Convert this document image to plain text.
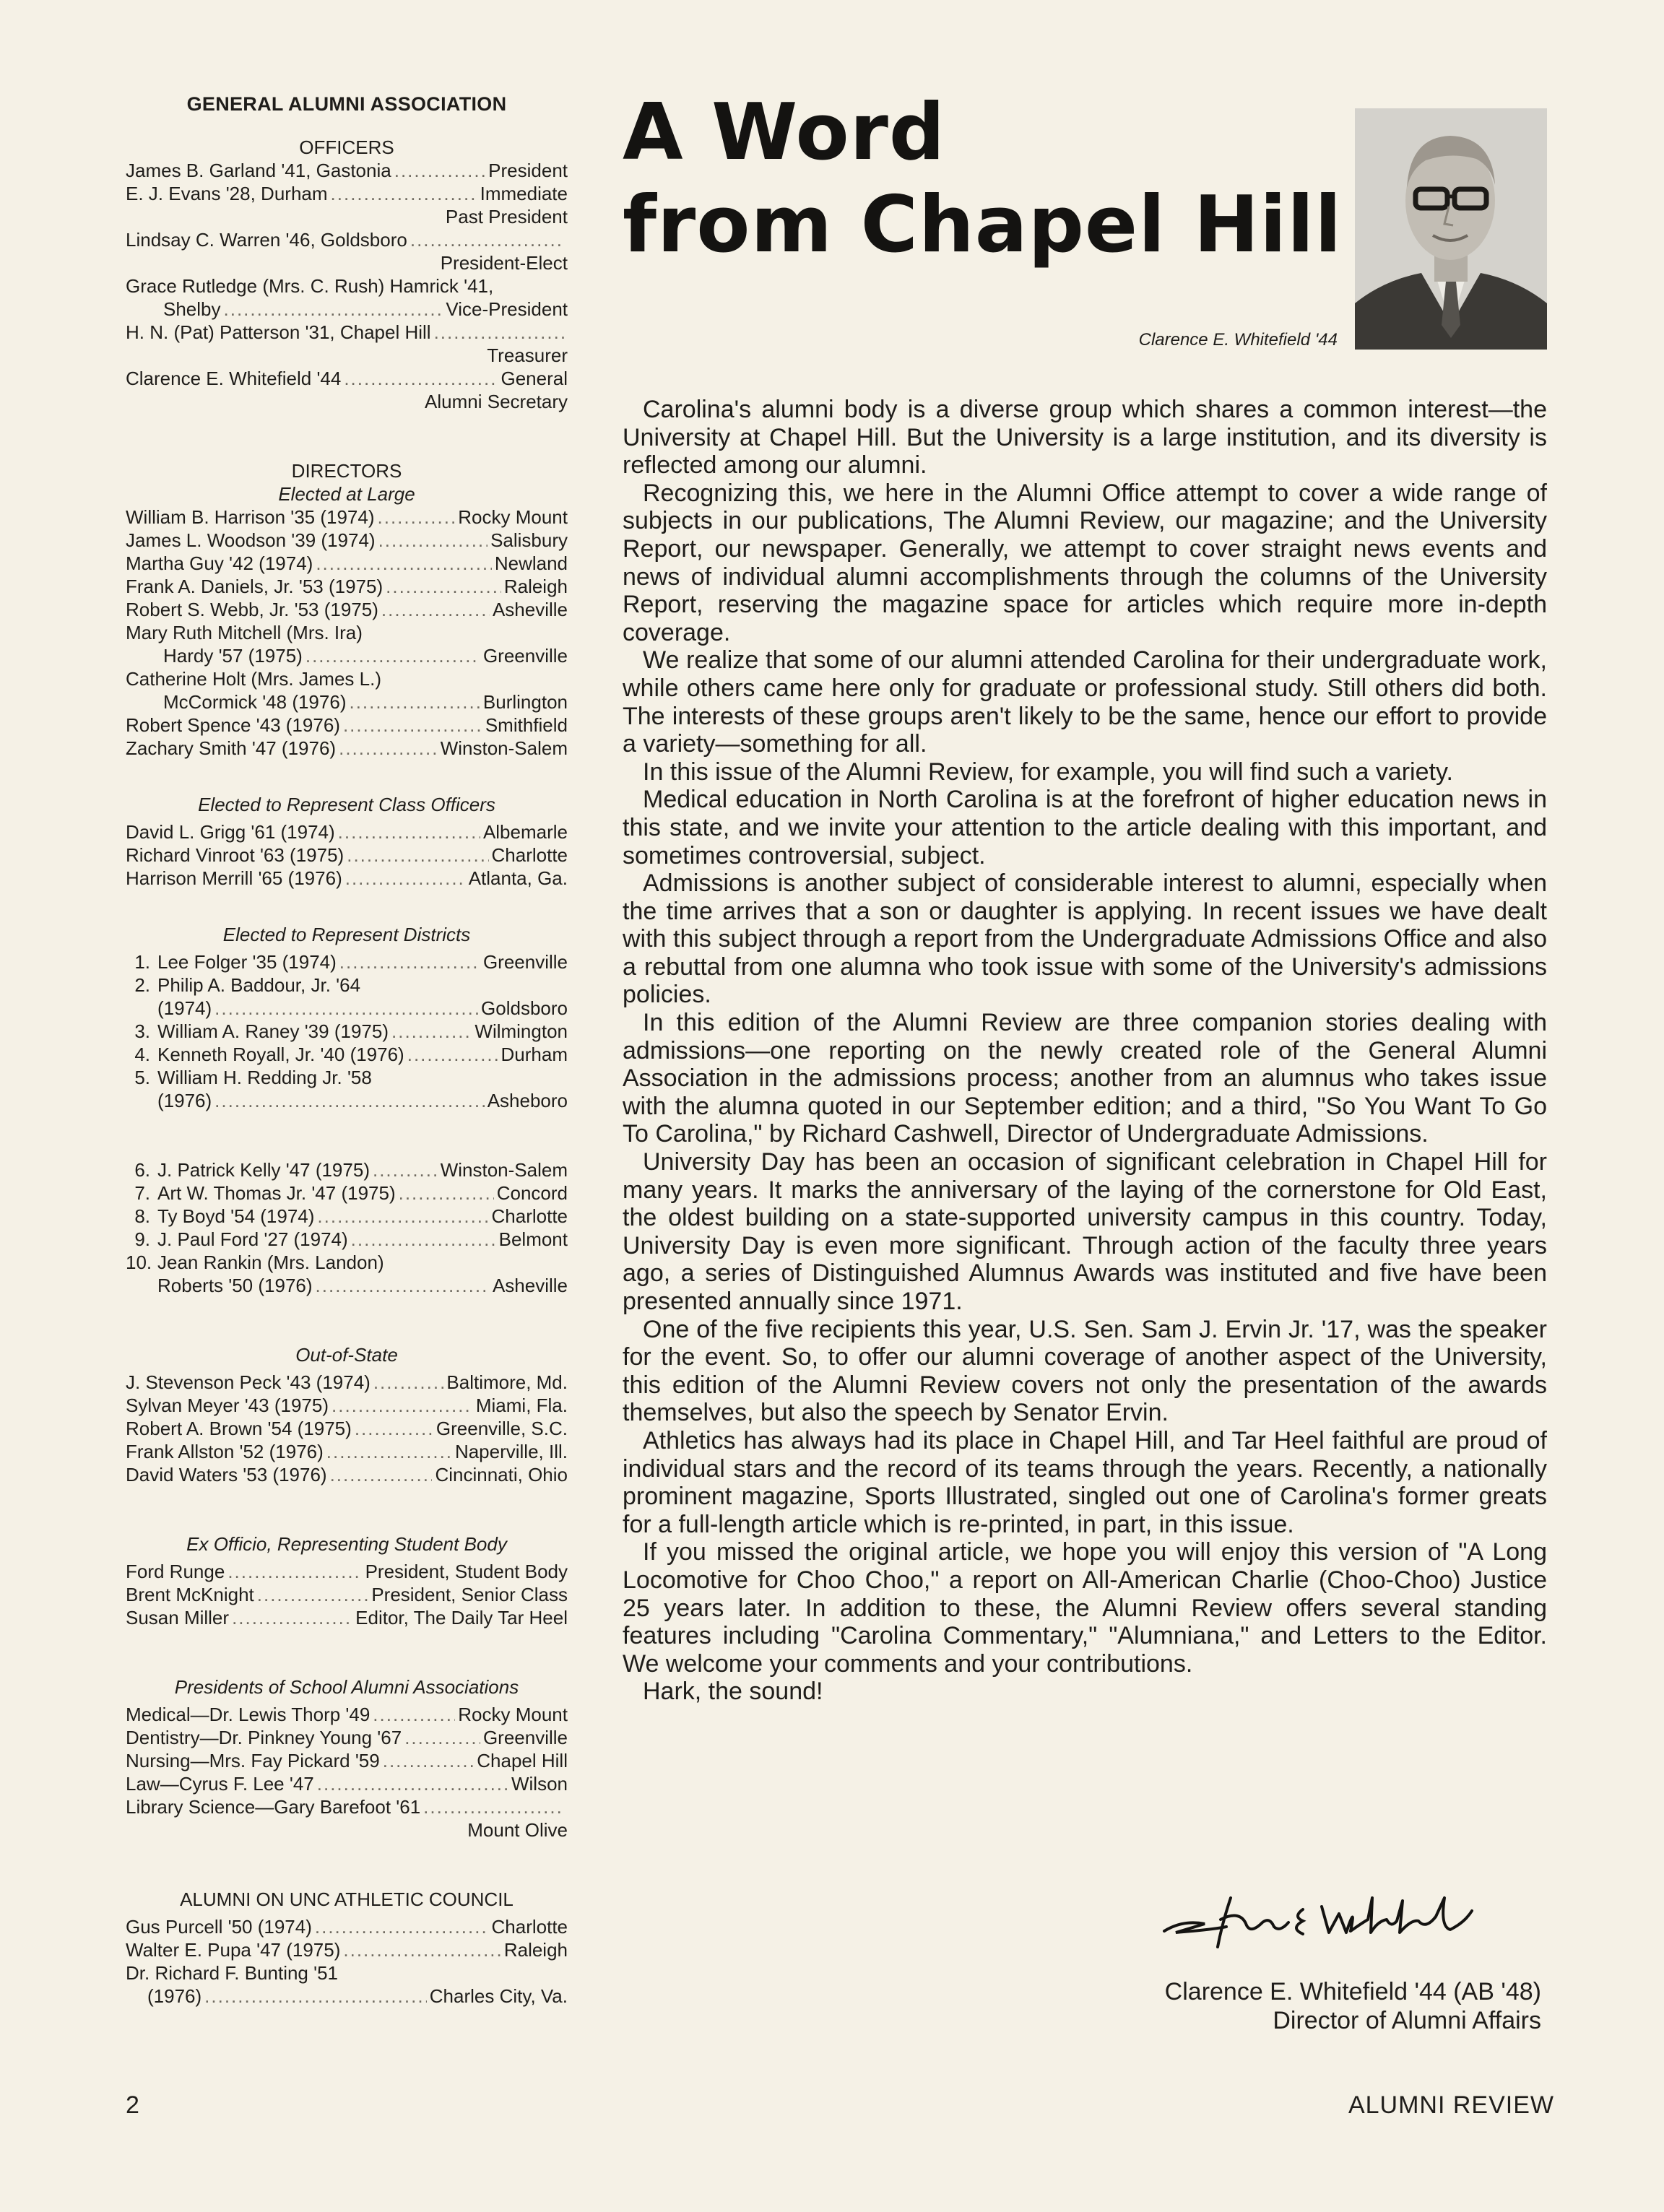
GENERAL ALUMNI ASSOCIATION
OFFICERS
James B. Garland '41, Gastonia .....	President
E. J. Evans '28, Durham .....	Immediate
Past President
Lindsay C. Warren '46, Goldsboro
.....
President-Elect
Grace Rutledge (Mrs. C. Rush) Hamrick '41,
Shelby .....	Vice-President
H. N. (Pat) Patterson '31, Chapel Hill
.....
Treasurer
Clarence E. Whitefield '44 .....	General
Alumni Secretary
DIRECTORS
Elected at Large
William B. Harrison '35 (1974) .....	Rocky Mount
James L. Woodson '39 (1974) .....	Salisbury
Martha Guy '42 (1974) .....	Newland
Frank A. Daniels, Jr. '53 (1975) .....	Raleigh
Robert S. Webb, Jr. '53 (1975) .....	Asheville
Mary Ruth Mitchell (Mrs. Ira)
Hardy '57 (1975) .....	Greenville
Catherine Holt (Mrs. James L.)
McCormick '48 (1976) .....	Burlington
Robert Spence '43 (1976) .....	Smithfield
Zachary Smith '47 (1976) .....	Winston-Salem
Elected to Represent Class Officers
David L. Grigg '61 (1974) .....	Albemarle
Richard Vinroot '63 (1975) .....	Charlotte
Harrison Merrill '65 (1976) .....	Atlanta, Ga.
Elected to Represent Districts
1. Lee Folger '35 (1974) .....	Greenville
2. Philip A. Baddour, Jr. '64
(1974) .....	Goldsboro
3. William A. Raney '39 (1975) .....	Wilmington
4. Kenneth Royall, Jr. '40 (1976) .....	Durham
5. William H. Redding Jr. '58
(1976) .....	Asheboro
6. J. Patrick Kelly '47 (1975) .....	Winston-Salem
7. Art W. Thomas Jr. '47 (1975) .....	Concord
8. Ty Boyd '54 (1974) .....	Charlotte
9. J. Paul Ford '27 (1974) .....	Belmont
10. Jean Rankin (Mrs. Landon)
Roberts '50 (1976) .....	Asheville
Out-of-State
J. Stevenson Peck '43 (1974) .....	Baltimore, Md.
Sylvan Meyer '43 (1975) .....	Miami, Fla.
Robert A. Brown '54 (1975) .....	Greenville, S.C.
Frank Allston '52 (1976) .....	Naperville, Ill.
David Waters '53 (1976) .....	Cincinnati, Ohio
Ex Officio, Representing Student Body
Ford Runge .....	President, Student Body
Brent McKnight .....	President, Senior Class
Susan Miller .....	Editor, The Daily Tar Heel
Presidents of School Alumni Associations
Medical—Dr. Lewis Thorp '49 .....	Rocky Mount
Dentistry—Dr. Pinkney Young '67 .....	Greenville
Nursing—Mrs. Fay Pickard '59 .....	Chapel Hill
Law—Cyrus F. Lee '47 .....	Wilson
Library Science—Gary Barefoot '61
.....
Mount Olive
ALUMNI ON UNC ATHLETIC COUNCIL
Gus Purcell '50 (1974) .....	Charlotte
Walter E. Pupa '47 (1975) .....	Raleigh
Dr. Richard F. Bunting '51
(1976) .....	Charles City, Va.
A Word
from Chapel Hill

Clarence E. Whitefield '44

Carolina's alumni body is a diverse group which shares a common interest—the University at Chapel Hill. But the University is a large institution, and its diversity is reflected among our alumni.

Recognizing this, we here in the Alumni Office attempt to cover a wide range of subjects in our publications, The Alumni Review, our magazine; and the University Report, our newspaper. Generally, we attempt to cover straight news events and news of individual alumni accomplishments through the columns of the University Report, reserving the magazine space for articles which require more in-depth coverage.

We realize that some of our alumni attended Carolina for their undergraduate work, while others came here only for graduate or professional study. Still others did both. The interests of these groups aren't likely to be the same, hence our effort to provide a variety—something for all.

In this issue of the Alumni Review, for example, you will find such a variety.

Medical education in North Carolina is at the forefront of higher education news in this state, and we invite your attention to the article dealing with this important, and sometimes controversial, subject.

Admissions is another subject of considerable interest to alumni, especially when the time arrives that a son or daughter is applying. In recent issues we have dealt with this subject through a report from the Undergraduate Admissions Office and also a rebuttal from one alumna who took issue with some of the University's admissions policies.

In this edition of the Alumni Review are three companion stories dealing with admissions—one reporting on the newly created role of the General Alumni Association in the admissions process; another from an alumnus who takes issue with the alumna quoted in our September edition; and a third, "So You Want To Go To Carolina," by Richard Cashwell, Director of Undergraduate Admissions.

University Day has been an occasion of significant celebration in Chapel Hill for many years. It marks the anniversary of the laying of the cornerstone for Old East, the oldest building on a state-supported university campus in this country. Today, University Day is even more significant. Through action of the faculty three years ago, a series of Distinguished Alumnus Awards was instituted and five have been presented annually since 1971.

One of the five recipients this year, U.S. Sen. Sam J. Ervin Jr. '17, was the speaker for the event. So, to offer our alumni coverage of another aspect of the University, this edition of the Alumni Review covers not only the presentation of the awards themselves, but also the speech by Senator Ervin.

Athletics has always had its place in Chapel Hill, and Tar Heel faithful are proud of individual stars and the record of its teams through the years. Recently, a nationally prominent magazine, Sports Illustrated, singled out one of Carolina's former greats for a full-length article which is re-printed, in part, in this issue.

If you missed the original article, we hope you will enjoy this version of "A Long Locomotive for Choo Choo," a report on All-American Charlie (Choo-Choo) Justice 25 years later. In addition to these, the Alumni Review offers several standing features including "Carolina Commentary," "Alumniana," and Letters to the Editor. We welcome your comments and your contributions.

Hark, the sound!

Clarence E. Whitefield '44 (AB '48)
Director of Alumni Affairs

2	ALUMNI REVIEW
